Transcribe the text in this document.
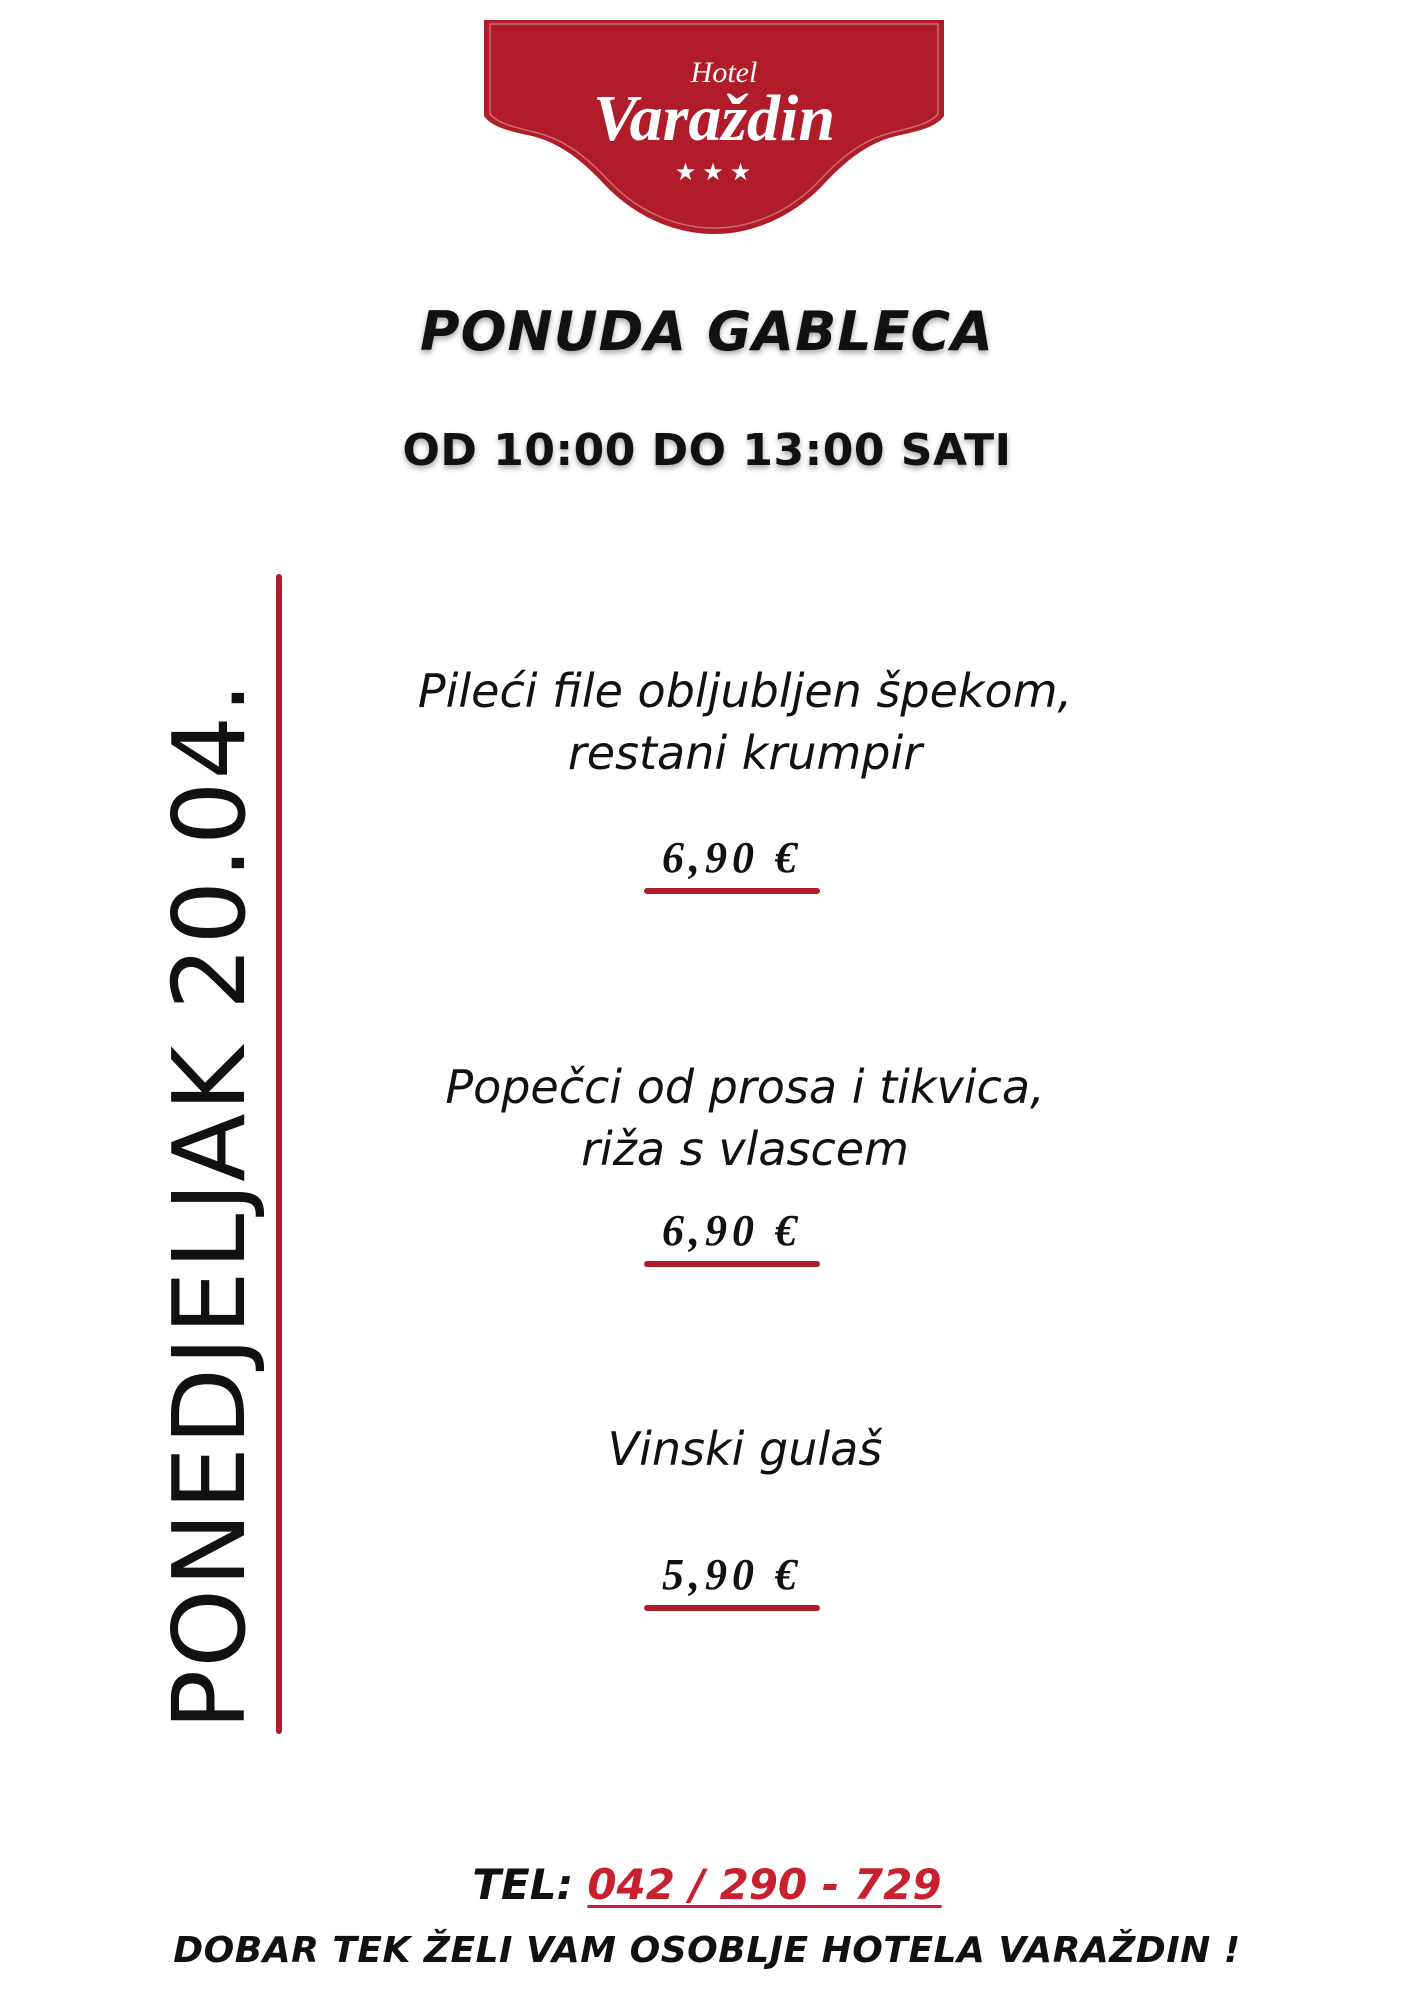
Hotel
Varaždin
★★★
PONUDA GABLECA
OD 10:00 DO 13:00 SATI
PONEDJELJAK 20.04.	Pileći file obljubljen špekom,
restani krumpir
6,90 €
Popečci od prosa i tikvica,
riža s vlascem
6,90 €
Vinski gulaš
5,90 €
TEL: 042 / 290 - 729
DOBAR TEK ŽELI VAM OSOBLJE HOTELA VARAŽDIN !
